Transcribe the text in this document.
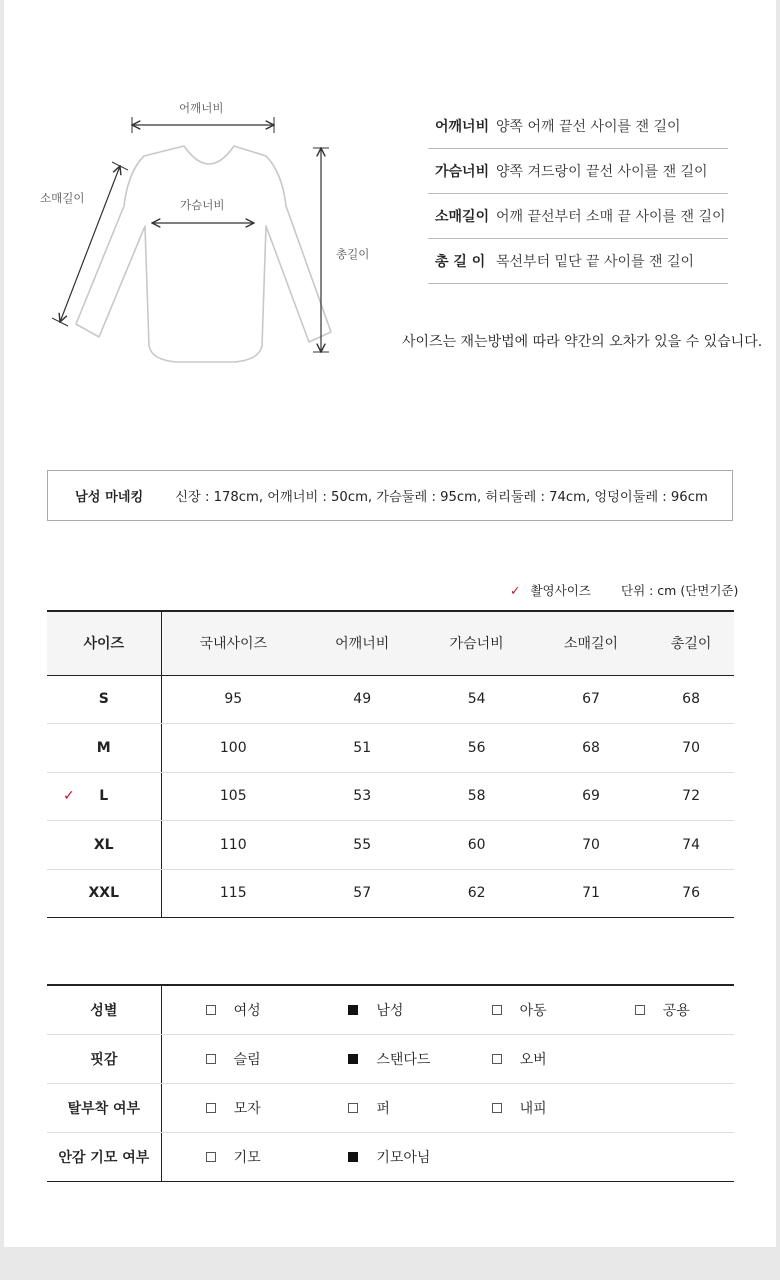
어깨너비
가슴너비
소매길이
총길이
어깨너비 양쪽 어깨 끝선 사이를 잰 길이
가슴너비 양쪽 겨드랑이 끝선 사이를 잰 길이
소매길이 어깨 끝선부터 소매 끝 사이를 잰 길이
총 길 이 목선부터 밑단 끝 사이를 잰 길이
사이즈는 재는방법에 따라 약간의 오차가 있을 수 있습니다.
남성 마네킹 신장 : 178cm, 어깨너비 : 50cm, 가슴둘레 : 95cm, 허리둘레 : 74cm, 엉덩이둘레 : 96cm
✓ 촬영사이즈 단위 : cm (단면기준)
사이즈	국내사이즈	어깨너비	가슴너비	소매길이	총길이
S	95	49	54	67	68
M	100	51	56	68	70

✓ L	105	53	58	69	72
XL	110	55	60	70	74
XXL	115	57	62	71	76
성별	여성	남성	아동	공용
핏감	슬림	스탠다드	오버	
탈부착 여부	모자	퍼	내피	
안감 기모 여부	기모	기모아님		
